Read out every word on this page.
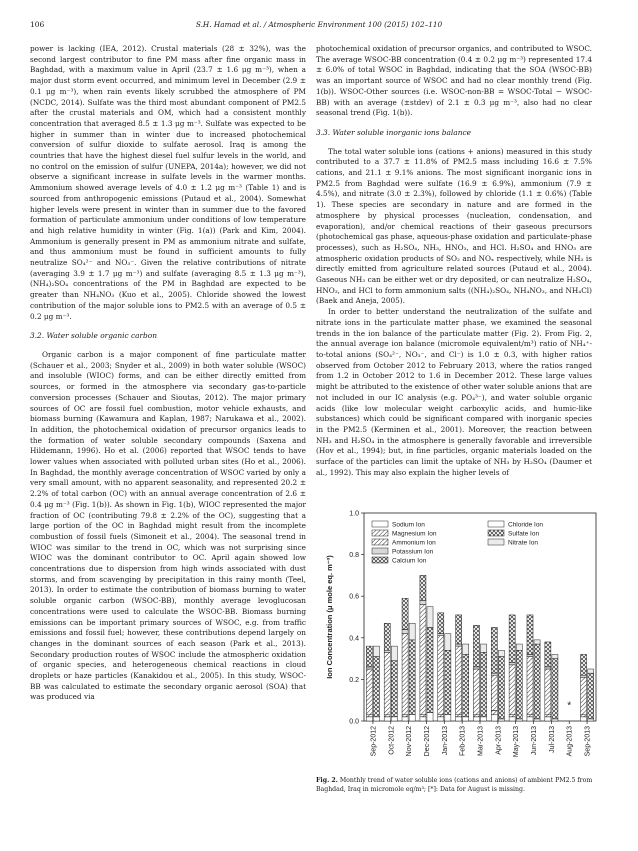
106	S.H. Hamad et al. / Atmospheric Environment 100 (2015) 102–110

power is lacking (IEA, 2012). Crustal materials (28 ± 32%), was the second largest contributor to fine PM mass after fine organic mass in Baghdad, with a maximum value in April (23.7 ± 1.6 μg m⁻³), when a major dust storm event occurred, and minimum level in December (2.9 ± 0.1 μg m⁻³), when rain events likely scrubbed the atmosphere of PM (NCDC, 2014). Sulfate was the third most abundant component of PM2.5 after the crustal materials and OM, which had a consistent monthly concentration that averaged 8.5 ± 1.3 μg m⁻³. Sulfate was expected to be higher in summer than in winter due to increased photochemical conversion of sulfur dioxide to sulfate aerosol. Iraq is among the countries that have the highest diesel fuel sulfur levels in the world, and no control on the emission of sulfur (UNEPA, 2014a); however, we did not observe a significant increase in sulfate levels in the warmer months. Ammonium showed average levels of 4.0 ± 1.2 μg m⁻³ (Table 1) and is sourced from anthropogenic emissions (Putaud et al., 2004). Somewhat higher levels were present in winter than in summer due to the favored formation of particulate ammonium under conditions of low temperature and high relative humidity in winter (Fig. 1(a)) (Park and Kim, 2004). Ammonium is generally present in PM as ammonium nitrate and sulfate, and thus ammonium must be found in sufficient amounts to fully neutralize SO₄²⁻ and NO₃⁻. Given the relative contributions of nitrate (averaging 3.9 ± 1.7 μg m⁻³) and sulfate (averaging 8.5 ± 1.3 μg m⁻³), (NH₄)₂SO₄ concentrations of the PM in Baghdad are expected to be greater than NH₄NO₃ (Kuo et al., 2005). Chloride showed the lowest contribution of the major soluble ions to PM2.5 with an average of 0.5 ± 0.2 μg m⁻³.

3.2. Water soluble organic carbon

Organic carbon is a major component of fine particulate matter (Schauer et al., 2003; Snyder et al., 2009) in both water soluble (WSOC) and insoluble (WIOC) forms, and can be either directly emitted from sources, or formed in the atmosphere via secondary gas-to-particle conversion processes (Schauer and Sioutas, 2012). The major primary sources of OC are fossil fuel combustion, motor vehicle exhausts, and biomass burning (Kawamura and Kaplan, 1987; Narukawa et al., 2002). In addition, the photochemical oxidation of precursor organics leads to the formation of water soluble secondary compounds (Saxena and Hildemann, 1996). Ho et al. (2006) reported that WSOC tends to have lower values when associated with polluted urban sites (Ho et al., 2006). In Baghdad, the monthly average concentration of WSOC varied by only a very small amount, with no apparent seasonality, and represented 20.2 ± 2.2% of total carbon (OC) with an annual average concentration of 2.6 ± 0.4 μg m⁻³ (Fig. 1(b)). As shown in Fig. 1(b), WIOC represented the major fraction of OC (contributing 79.8 ± 2.2% of the OC), suggesting that a large portion of the OC in Baghdad might result from the incomplete combustion of fossil fuels (Simoneit et al., 2004). The seasonal trend in WIOC was similar to the trend in OC, which was not surprising since WIOC was the dominant contributor to OC. April again showed low concentrations due to dispersion from high winds associated with dust storms, and from scavenging by precipitation in this rainy month (Teel, 2013). In order to estimate the contribution of biomass burning to water soluble organic carbon (WSOC-BB), monthly average levoglucosan concentrations were used to calculate the WSOC-BB. Biomass burning emissions can be important primary sources of WSOC, e.g. from traffic emissions and fossil fuel; however, these contributions depend largely on changes in the dominant sources of each season (Park et al., 2013). Secondary production routes of WSOC include the atmospheric oxidation of organic species, and heterogeneous chemical reactions in cloud droplets or haze particles (Kanakidou et al., 2005). In this study, WSOC-BB was calculated to estimate the secondary organic aerosol (SOA) that was produced via

photochemical oxidation of precursor organics, and contributed to WSOC. The average WSOC-BB concentration (0.4 ± 0.2 μg m⁻³) represented 17.4 ± 6.0% of total WSOC in Baghdad, indicating that the SOA (WSOC-BB) was an important source of WSOC and had no clear monthly trend (Fig. 1(b)). WSOC-Other sources (i.e. WSOC-non-BB = WSOC-Total − WSOC-BB) with an average (±stdev) of 2.1 ± 0.3 μg m⁻³, also had no clear seasonal trend (Fig. 1(b)).

3.3. Water soluble inorganic ions balance

The total water soluble ions (cations + anions) measured in this study contributed to a 37.7 ± 11.8% of PM2.5 mass including 16.6 ± 7.5% cations, and 21.1 ± 9.1% anions. The most significant inorganic ions in PM2.5 from Baghdad were sulfate (16.9 ± 6.9%), ammonium (7.9 ± 4.5%), and nitrate (3.0 ± 2.3%), followed by chloride (1.1 ± 0.6%) (Table 1). These species are secondary in nature and are formed in the atmosphere by physical processes (nucleation, condensation, and evaporation), and/or chemical reactions of their gaseous precursors (photochemical gas phase, aqueous-phase oxidation and particulate-phase processes), such as H₂SO₄, NH₃, HNO₃, and HCl. H₂SO₄ and HNO₃ are atmospheric oxidation products of SO₂ and NOₓ respectively, while NH₃ is directly emitted from agriculture related sources (Putaud et al., 2004). Gaseous NH₃ can be either wet or dry deposited, or can neutralize H₂SO₄, HNO₃, and HCl to form ammonium salts ((NH₄)₂SO₄, NH₄NO₃, and NH₄Cl) (Baek and Aneja, 2005).

In order to better understand the neutralization of the sulfate and nitrate ions in the particulate matter phase, we examined the seasonal trends in the ion balance of the particulate matter (Fig. 2). From Fig. 2, the annual average ion balance (micromole equivalent/m³) ratio of NH₄⁺-to-total anions (SO₄²⁻, NO₃⁻, and Cl⁻) is 1.0 ± 0.3, with higher ratios observed from October 2012 to February 2013, where the ratios ranged from 1.2 in October 2012 to 1.6 in December 2012. These large values might be attributed to the existence of other water soluble anions that are not included in our IC analysis (e.g. PO₄³⁻), and water soluble organic acids (like low molecular weight carboxylic acids, and humic-like substances) which could be significant compared with inorganic species in the PM2.5 (Kerminen et al., 2001). Moreover, the reaction between NH₃ and H₂SO₄ in the atmosphere is generally favorable and irreversible (Hov et al., 1994); but, in fine particles, organic materials loaded on the surface of the particles can limit the uptake of NH₃ by H₂SO₄ (Daumer et al., 1992). This may also explain the higher levels of

0.0
0.2
0.4
0.6
0.8
1.0
Ion Concentration (μ mole eq. m⁻³)
Sep-2012 Oct-2012 Nov-2012 Dec-2012 Jan-2013 Feb-2013 Mar-2013 Apr-2013 May-2013 Jun-2013 Jul-2013 Aug-2013
*
Sep-2013
Sodium Ion
Magnesium Ion
Ammonium Ion
Potassium Ion
Calcium Ion
Chloride Ion
Sulfate Ion
Nitrate Ion
Fig. 2. Monthly trend of water soluble ions (cations and anions) of ambient PM2.5 from Baghdad, Iraq in micromole eq/m³; [*]: Data for August is missing.
